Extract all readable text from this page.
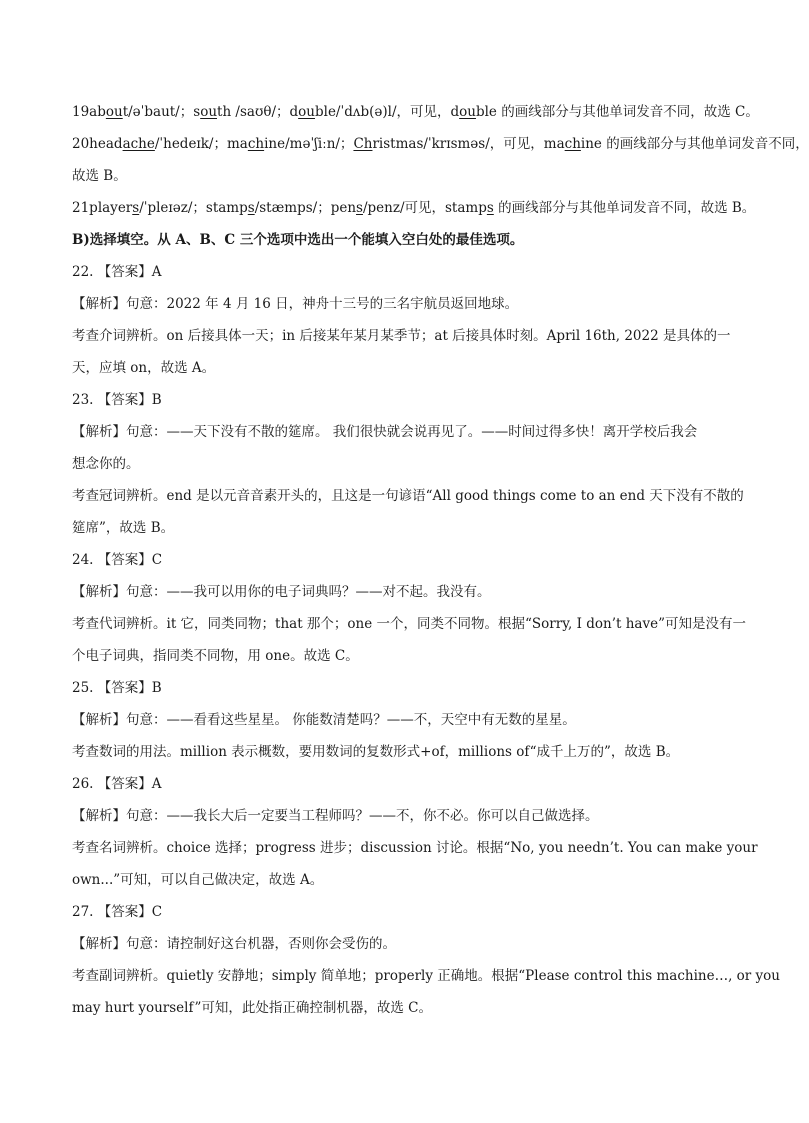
19about/əˈbaut/；south /saʊθ/；double/ˈdʌb(ə)l/，可见，double 的画线部分与其他单词发音不同，故选 C。
20headache/ˈhedeɪk/；machine/məˈʃiːn/；Christmas/ˈkrɪsməs/，可见，machine 的画线部分与其他单词发音不同，
故选 B。
21players/ˈpleɪəz/；stamps/stæmps/；pens/penz/可见，stamps 的画线部分与其他单词发音不同，故选 B。
B)选择填空。从 A、B、C 三个选项中选出一个能填入空白处的最佳选项。
22. 【答案】A
【解析】句意：2022 年 4 月 16 日，神舟十三号的三名宇航员返回地球。
考查介词辨析。on 后接具体一天；in 后接某年某月某季节；at 后接具体时刻。April 16th, 2022 是具体的一
天，应填 on，故选 A。
23. 【答案】B
【解析】句意：——天下没有不散的筵席。 我们很快就会说再见了。——时间过得多快！离开学校后我会
想念你的。
考查冠词辨析。end 是以元音音素开头的，且这是一句谚语“All good things come to an end 天下没有不散的
筵席”，故选 B。
24. 【答案】C
【解析】句意：——我可以用你的电子词典吗？——对不起。我没有。
考查代词辨析。it 它，同类同物；that 那个；one 一个，同类不同物。根据“Sorry, I don’t have”可知是没有一
个电子词典，指同类不同物，用 one。故选 C。
25. 【答案】B
【解析】句意：——看看这些星星。 你能数清楚吗？——不，天空中有无数的星星。
考查数词的用法。million 表示概数，要用数词的复数形式+of，millions of“成千上万的”，故选 B。
26. 【答案】A
【解析】句意：——我长大后一定要当工程师吗？——不，你不必。你可以自己做选择。
考查名词辨析。choice 选择；progress 进步；discussion 讨论。根据“No, you needn’t. You can make your
own...”可知，可以自己做决定，故选 A。
27. 【答案】C
【解析】句意：请控制好这台机器，否则你会受伤的。
考查副词辨析。quietly 安静地；simply 简单地；properly 正确地。根据“Please control this machine…, or you
may hurt yourself”可知，此处指正确控制机器，故选 C。
